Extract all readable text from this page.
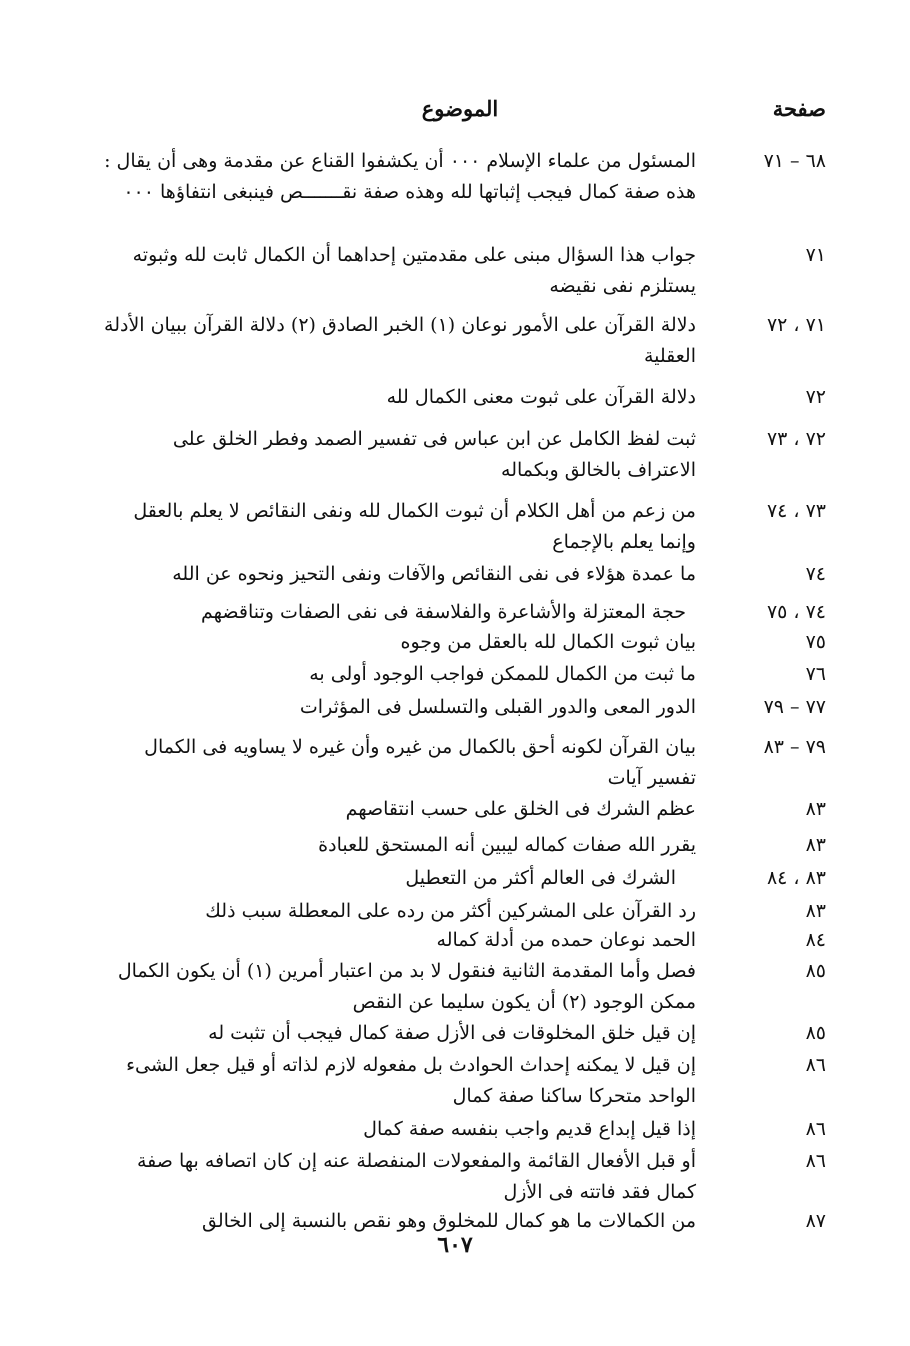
صفحة
الموضوع
٦٨ – ٧١
المسئول من علماء الإسلام ٠٠٠ أن يكشفوا القناع عن مقدمة وهى أن يقال : هذه صفة كمال فيجب إثباتها لله وهذه صفة نقـــــــص فينبغى انتفاؤها ٠٠٠
٧١
جواب هذا السؤال مبنى على مقدمتين إحداهما أن الكمال ثابت لله وثبوته يستلزم نفى نقيضه
٧١ ، ٧٢
دلالة القرآن على الأمور نوعان (١) الخبر الصادق (٢) دلالة القرآن ببيان الأدلة العقلية
٧٢
دلالة القرآن على ثبوت معنى الكمال لله
٧٢ ، ٧٣
ثبت لفظ الكامل عن ابن عباس فى تفسير الصمد وفطر الخلق على الاعتراف بالخالق وبكماله
٧٣ ، ٧٤
من زعم من أهل الكلام أن ثبوت الكمال لله ونفى النقائص لا يعلم بالعقل وإنما يعلم بالإجماع
٧٤
ما عمدة هؤلاء فى نفى النقائص والآفات ونفى التحيز ونحوه عن الله
٧٤ ، ٧٥
حجة المعتزلة والأشاعرة والفلاسفة فى نفى الصفات وتناقضهم
٧٥
بيان ثبوت الكمال لله بالعقل من وجوه
٧٦
ما ثبت من الكمال للممكن فواجب الوجود أولى به
٧٧ – ٧٩
الدور المعى والدور القبلى والتسلسل فى المؤثرات
٧٩ – ٨٣
بيان القرآن لكونه أحق بالكمال من غيره وأن غيره لا يساويه فى الكمال تفسير آيات
٨٣
عظم الشرك فى الخلق على حسب انتقاصهم
٨٣
يقرر الله صفات كماله ليبين أنه المستحق للعبادة
٨٣ ، ٨٤
الشرك فى العالم أكثر من التعطيل
٨٣
رد القرآن على المشركين أكثر من رده على المعطلة سبب ذلك
٨٤
الحمد نوعان حمده من أدلة كماله
٨٥
فصل وأما المقدمة الثانية فنقول لا بد من اعتبار أمرين (١) أن يكون الكمال ممكن الوجود (٢) أن يكون سليما عن النقص
٨٥
إن قيل خلق المخلوقات فى الأزل صفة كمال فيجب أن تثبت له
٨٦
إن قيل لا يمكنه إحداث الحوادث بل مفعوله لازم لذاته أو قيل جعل الشىء الواحد متحركا ساكنا صفة كمال
٨٦
إذا قيل إبداع قديم واجب بنفسه صفة كمال
٨٦
أو قبل الأفعال القائمة والمفعولات المنفصلة عنه إن كان اتصافه بها صفة كمال فقد فاتته فى الأزل
٨٧
من الكمالات ما هو كمال للمخلوق وهو نقص بالنسبة إلى الخالق
٦٠٧
